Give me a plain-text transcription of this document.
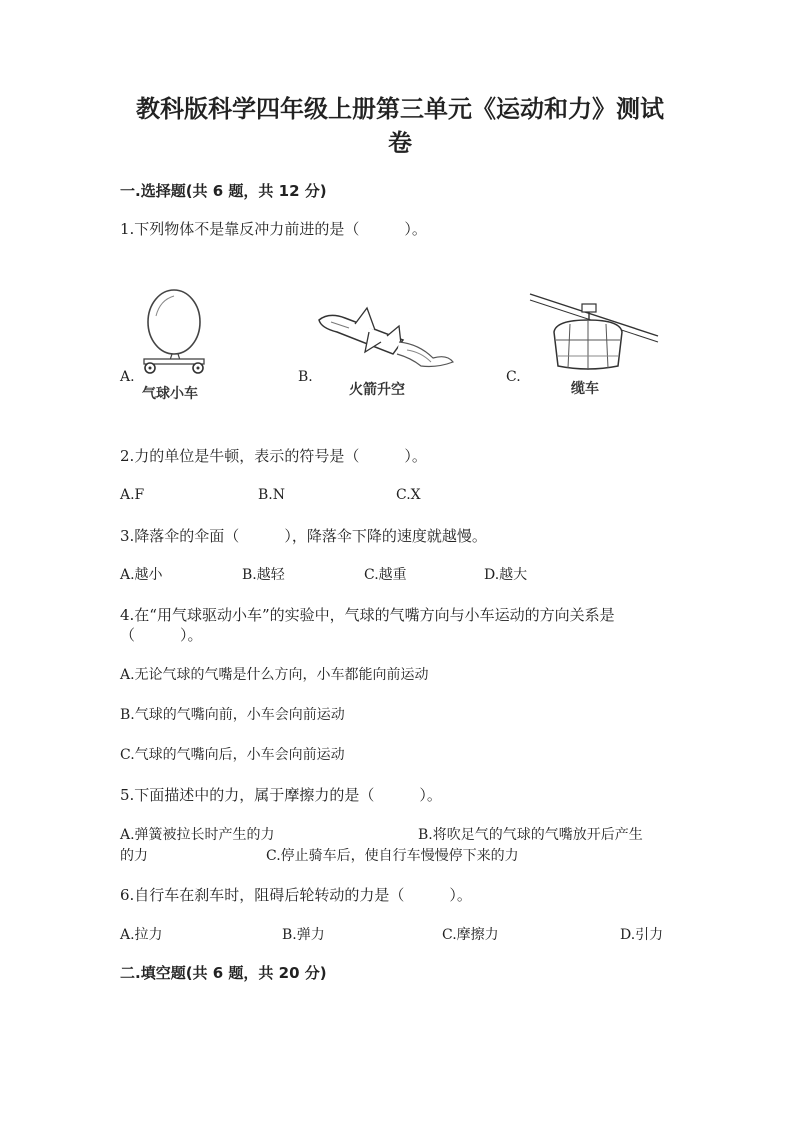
教科版科学四年级上册第三单元《运动和力》测试
卷
一.选择题(共 6 题，共 12 分)
1.下列物体不是靠反冲力前进的是（　　　）。
A.
气球小车
B.
火箭升空
C.
缆车
2.力的单位是牛顿，表示的符号是（　　　）。
A.F	B.N	C.X
3.降落伞的伞面（　　　），降落伞下降的速度就越慢。
A.越小	B.越轻	C.越重	D.越大
4.在“用气球驱动小车”的实验中，气球的气嘴方向与小车运动的方向关系是
（　　　）。
A.无论气球的气嘴是什么方向，小车都能向前运动
B.气球的气嘴向前，小车会向前运动
C.气球的气嘴向后，小车会向前运动
5.下面描述中的力，属于摩擦力的是（　　　）。
A.弹簧被拉长时产生的力	B.将吹足气的气球的气嘴放开后产生
的力	C.停止骑车后，使自行车慢慢停下来的力
6.自行车在刹车时，阻碍后轮转动的力是（　　　）。
A.拉力	B.弹力	C.摩擦力	D.引力
二.填空题(共 6 题，共 20 分)
